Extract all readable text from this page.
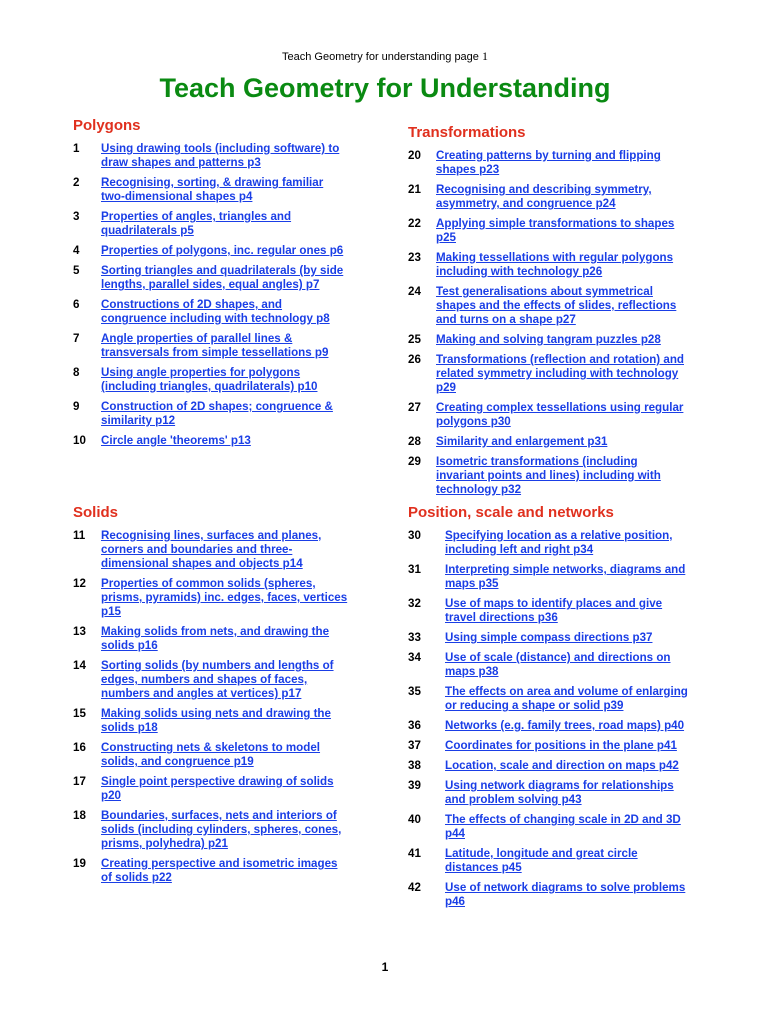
Teach Geometry for understanding page 1
Teach Geometry for Understanding
Polygons
1	Using drawing tools (including software) to
draw shapes and patterns p3
2	Recognising, sorting, & drawing familiar
two-dimensional shapes p4
3	Properties of angles, triangles and
quadrilaterals p5
4	Properties of polygons, inc. regular ones p6
5	Sorting triangles and quadrilaterals (by side
lengths, parallel sides, equal angles) p7
6	Constructions of 2D shapes, and
congruence including with technology p8
7	Angle properties of parallel lines &
transversals from simple tessellations p9
8	Using angle properties for polygons
(including triangles, quadrilaterals) p10
9	Construction of 2D shapes; congruence &
similarity p12
10	Circle angle 'theorems' p13
Transformations
20	Creating patterns by turning and flipping
shapes p23
21	Recognising and describing symmetry,
asymmetry, and congruence p24
22	Applying simple transformations to shapes
p25
23	Making tessellations with regular polygons
including with technology p26
24	Test generalisations about symmetrical
shapes and the effects of slides, reflections
and turns on a shape p27
25	Making and solving tangram puzzles p28
26	Transformations (reflection and rotation) and
related symmetry including with technology
p29
27	Creating complex tessellations using regular
polygons p30
28	Similarity and enlargement p31
29	Isometric transformations (including
invariant points and lines) including with
technology p32
Solids
11	Recognising lines, surfaces and planes,
corners and boundaries and three-
dimensional shapes and objects p14
12	Properties of common solids (spheres,
prisms, pyramids) inc. edges, faces, vertices
p15
13	Making solids from nets, and drawing the
solids p16
14	Sorting solids (by numbers and lengths of
edges, numbers and shapes of faces,
numbers and angles at vertices) p17
15	Making solids using nets and drawing the
solids p18
16	Constructing nets & skeletons to model
solids, and congruence p19
17	Single point perspective drawing of solids
p20
18	Boundaries, surfaces, nets and interiors of
solids (including cylinders, spheres, cones,
prisms, polyhedra) p21
19	Creating perspective and isometric images
of solids p22
Position, scale and networks
30	Specifying location as a relative position,
including left and right p34
31	Interpreting simple networks, diagrams and
maps p35
32	Use of maps to identify places and give
travel directions p36
33	Using simple compass directions p37
34	Use of scale (distance) and directions on
maps p38
35	The effects on area and volume of enlarging
or reducing a shape or solid p39
36	Networks (e.g. family trees, road maps) p40
37	Coordinates for positions in the plane p41
38	Location, scale and direction on maps p42
39	Using network diagrams for relationships
and problem solving p43
40	The effects of changing scale in 2D and 3D
p44
41	Latitude, longitude and great circle
distances p45
42	Use of network diagrams to solve problems
p46
1
